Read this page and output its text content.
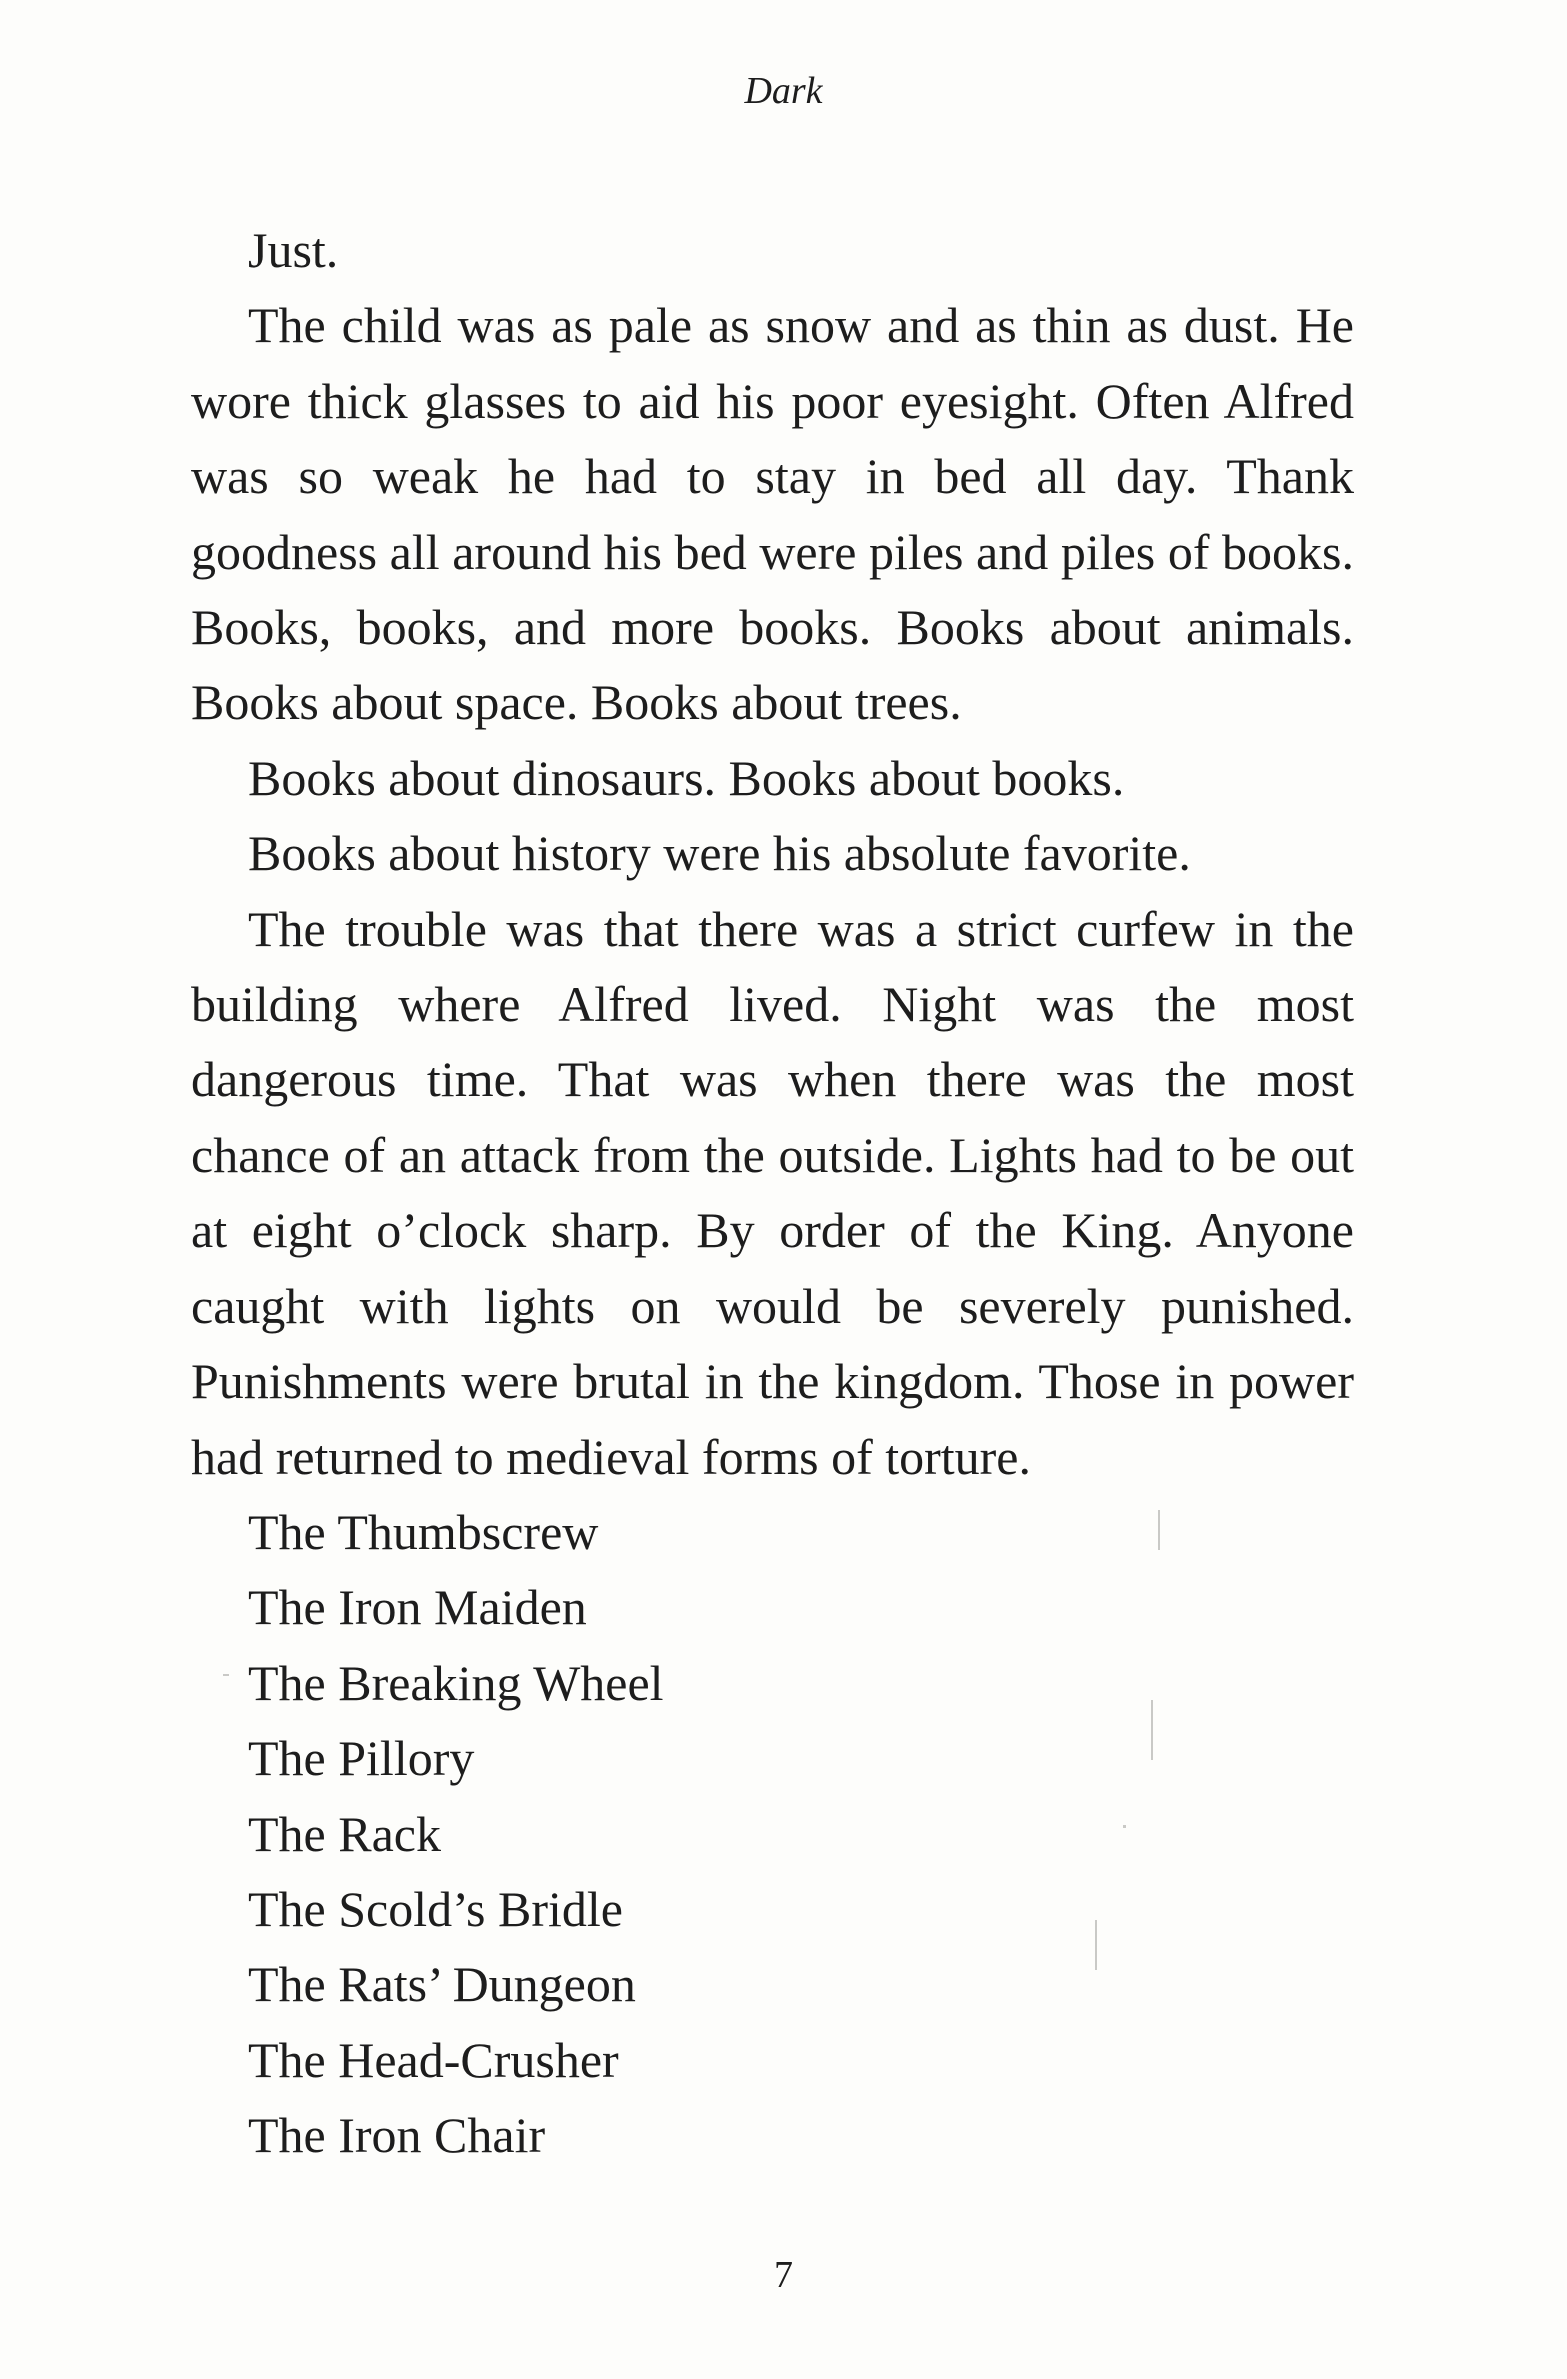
Dark

Just.

The child was as pale as snow and as thin as dust. He wore thick glasses to aid his poor eyesight. Often Alfred was so weak he had to stay in bed all day. Thank goodness all around his bed were piles and piles of books. Books, books, and more books. Books about animals. Books about space. Books about trees.

Books about dinosaurs. Books about books.

Books about history were his absolute favorite.

The trouble was that there was a strict curfew in the building where Alfred lived. Night was the most dangerous time. That was when there was the most chance of an attack from the outside. Lights had to be out at eight o’clock sharp. By order of the King. Anyone caught with lights on would be severely punished. Punishments were brutal in the kingdom. Those in power had returned to medieval forms of torture.

The Thumbscrew
The Iron Maiden
The Breaking Wheel
The Pillory
The Rack
The Scold’s Bridle
The Rats’ Dungeon
The Head-Crusher
The Iron Chair
7
